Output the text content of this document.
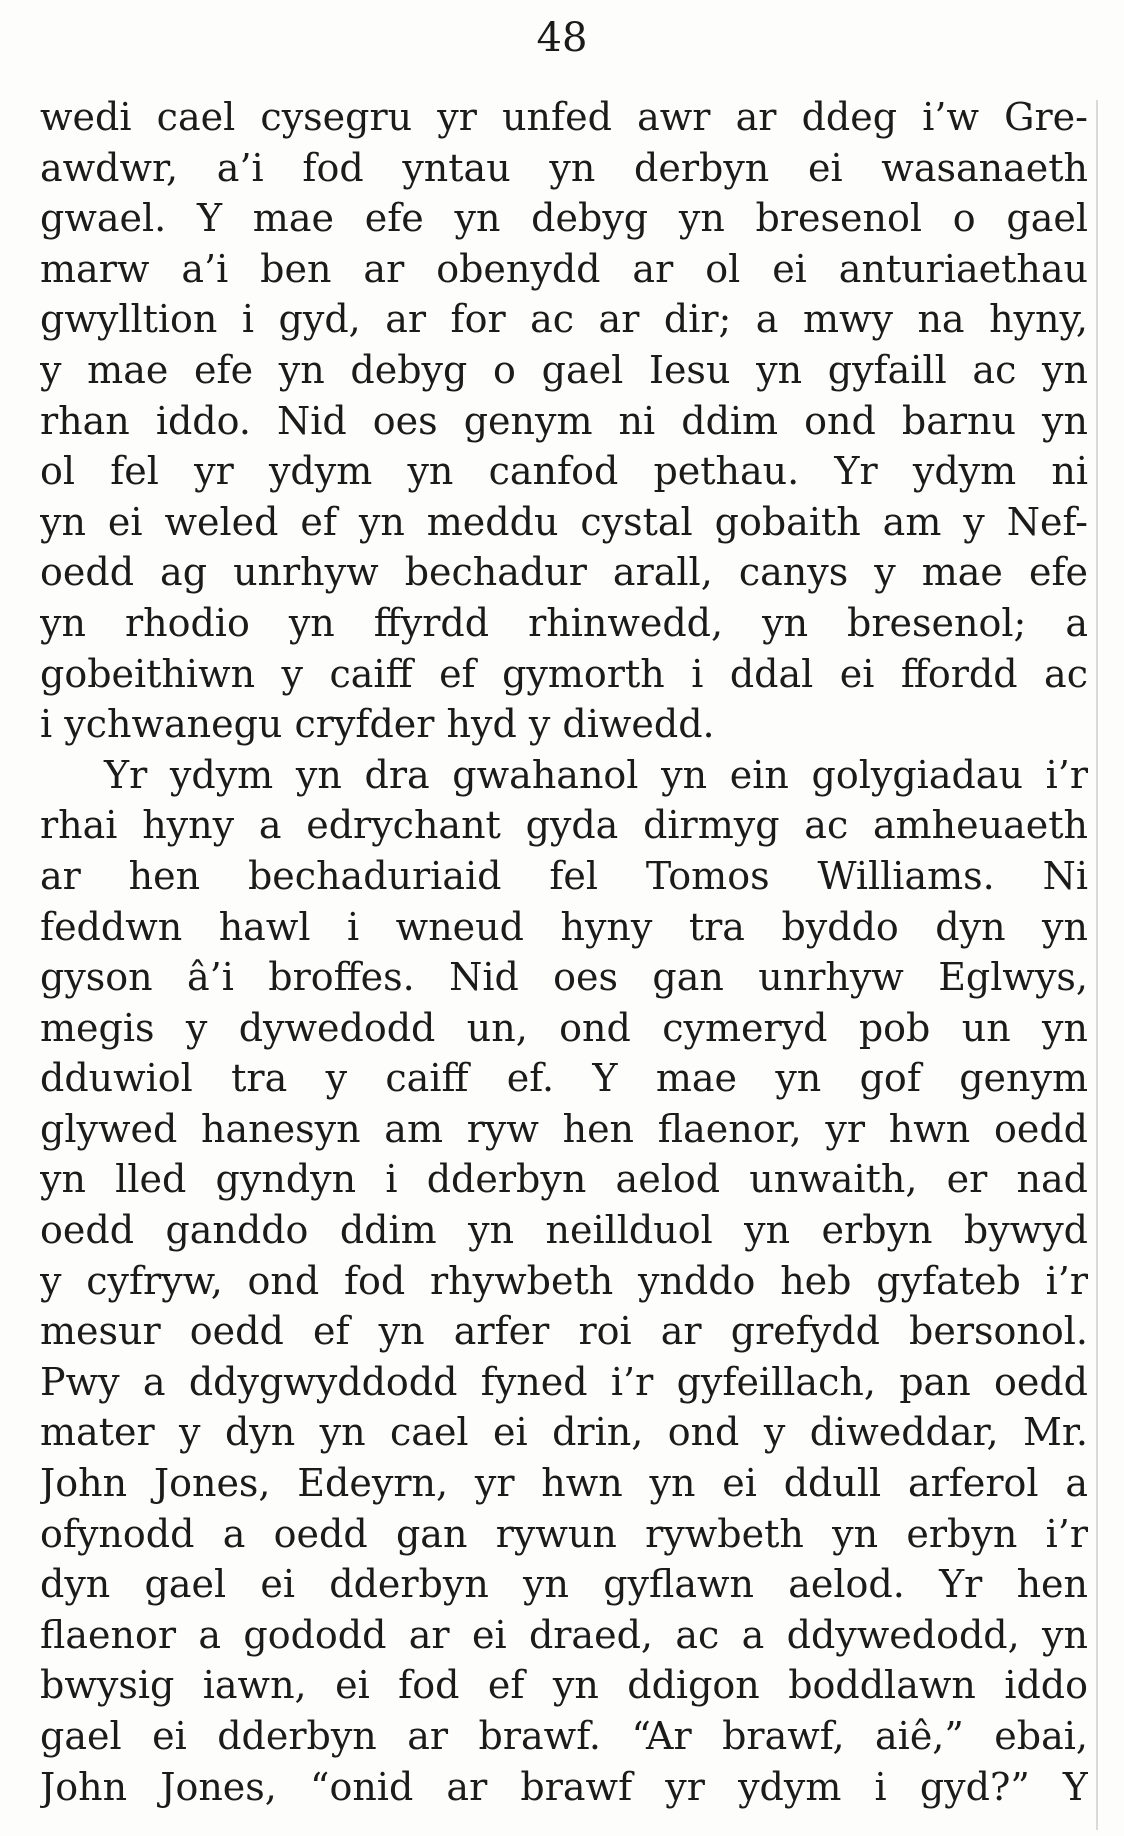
48
wedi cael cysegru yr unfed awr ar ddeg i’w Gre-
awdwr, a’i fod yntau yn derbyn ei wasanaeth
gwael. Y mae efe yn debyg yn bresenol o gael
marw a’i ben ar obenydd ar ol ei anturiaethau
gwylltion i gyd, ar for ac ar dir; a mwy na hyny,
y mae efe yn debyg o gael Iesu yn gyfaill ac yn
rhan iddo. Nid oes genym ni ddim ond barnu yn
ol fel yr ydym yn canfod pethau. Yr ydym ni
yn ei weled ef yn meddu cystal gobaith am y Nef-
oedd ag unrhyw bechadur arall, canys y mae efe
yn rhodio yn ffyrdd rhinwedd, yn bresenol; a
gobeithiwn y caiff ef gymorth i ddal ei ffordd ac
i ychwanegu cryfder hyd y diwedd.
Yr ydym yn dra gwahanol yn ein golygiadau i’r
rhai hyny a edrychant gyda dirmyg ac amheuaeth
ar hen bechaduriaid fel Tomos Williams. Ni
feddwn hawl i wneud hyny tra byddo dyn yn
gyson â’i broffes. Nid oes gan unrhyw Eglwys,
megis y dywedodd un, ond cymeryd pob un yn
dduwiol tra y caiff ef. Y mae yn gof genym
glywed hanesyn am ryw hen flaenor, yr hwn oedd
yn lled gyndyn i dderbyn aelod unwaith, er nad
oedd ganddo ddim yn neillduol yn erbyn bywyd
y cyfryw, ond fod rhywbeth ynddo heb gyfateb i’r
mesur oedd ef yn arfer roi ar grefydd bersonol.
Pwy a ddygwyddodd fyned i’r gyfeillach, pan oedd
mater y dyn yn cael ei drin, ond y diweddar, Mr.
John Jones, Edeyrn, yr hwn yn ei ddull arferol a
ofynodd a oedd gan rywun rywbeth yn erbyn i’r
dyn gael ei dderbyn yn gyflawn aelod. Yr hen
flaenor a gododd ar ei draed, ac a ddywedodd, yn
bwysig iawn, ei fod ef yn ddigon boddlawn iddo
gael ei dderbyn ar brawf. “Ar brawf, aiê,” ebai,
John Jones, “onid ar brawf yr ydym i gyd?” Y
